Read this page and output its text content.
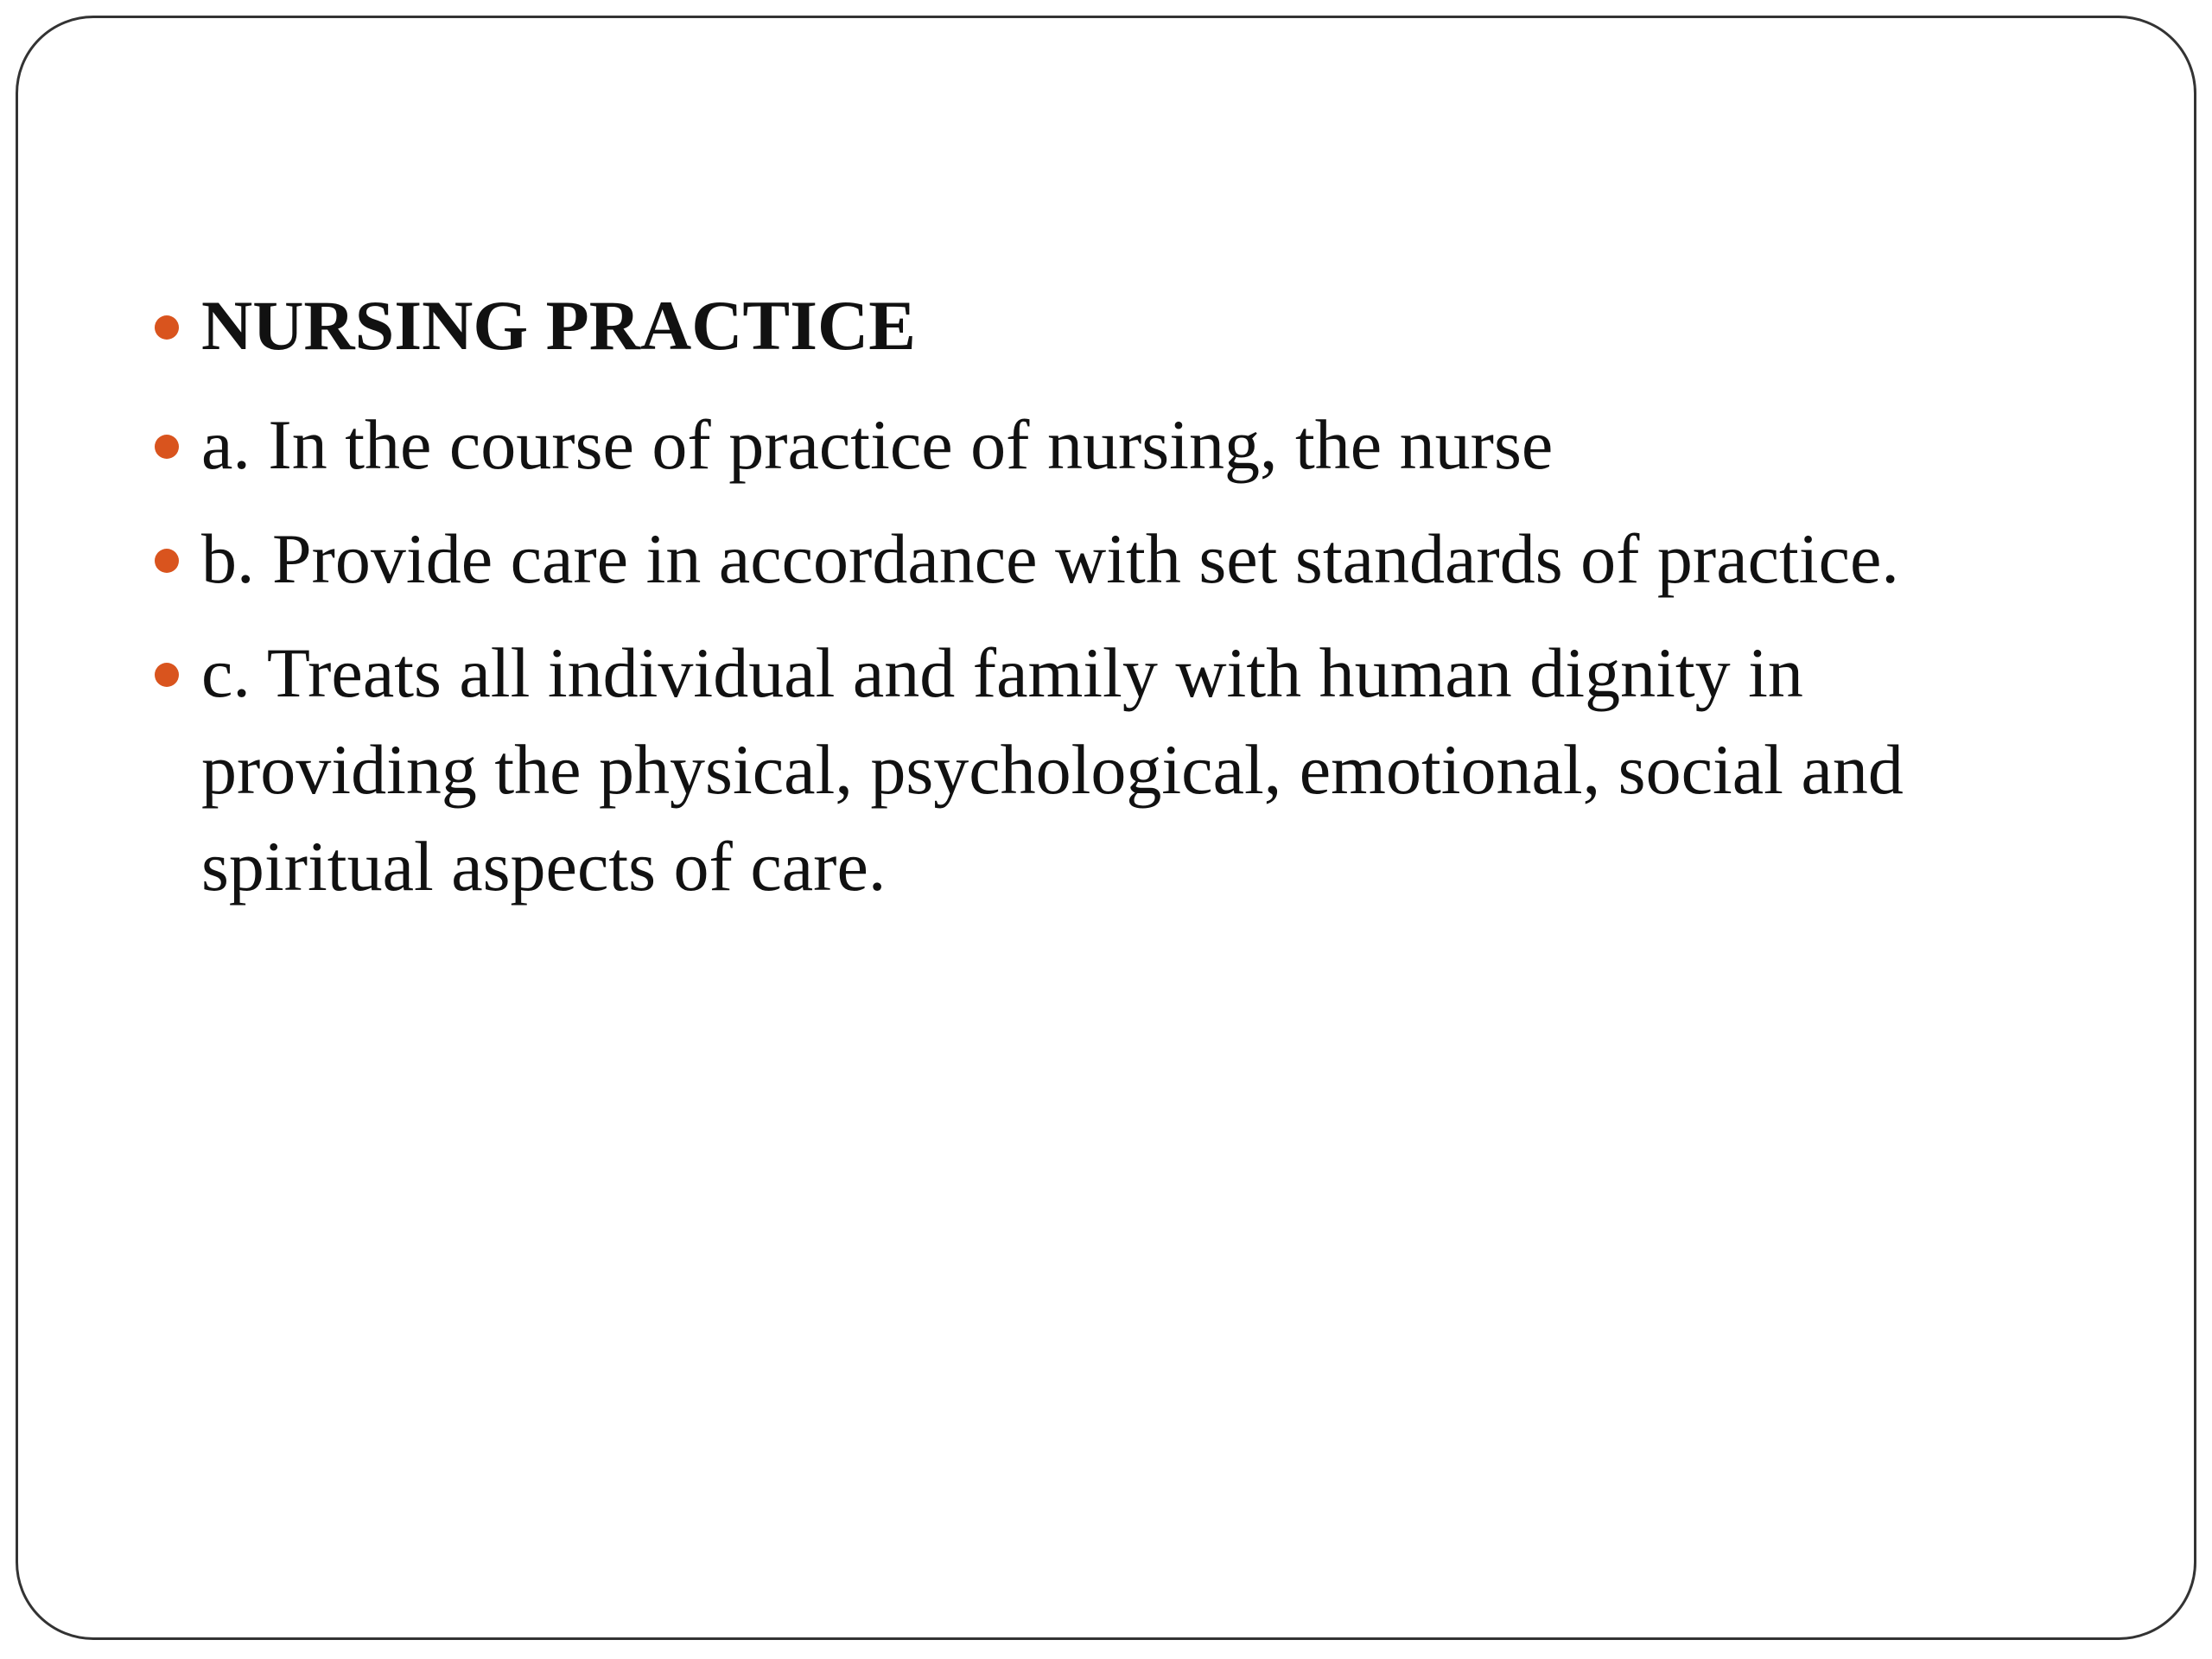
NURSING PRACTICE
a. In the course of practice of nursing, the nurse
b. Provide care in accordance with set standards of practice.
c. Treats all individual and family with human dignity in providing the physical, psychological, emotional, social and spiritual aspects of care.
